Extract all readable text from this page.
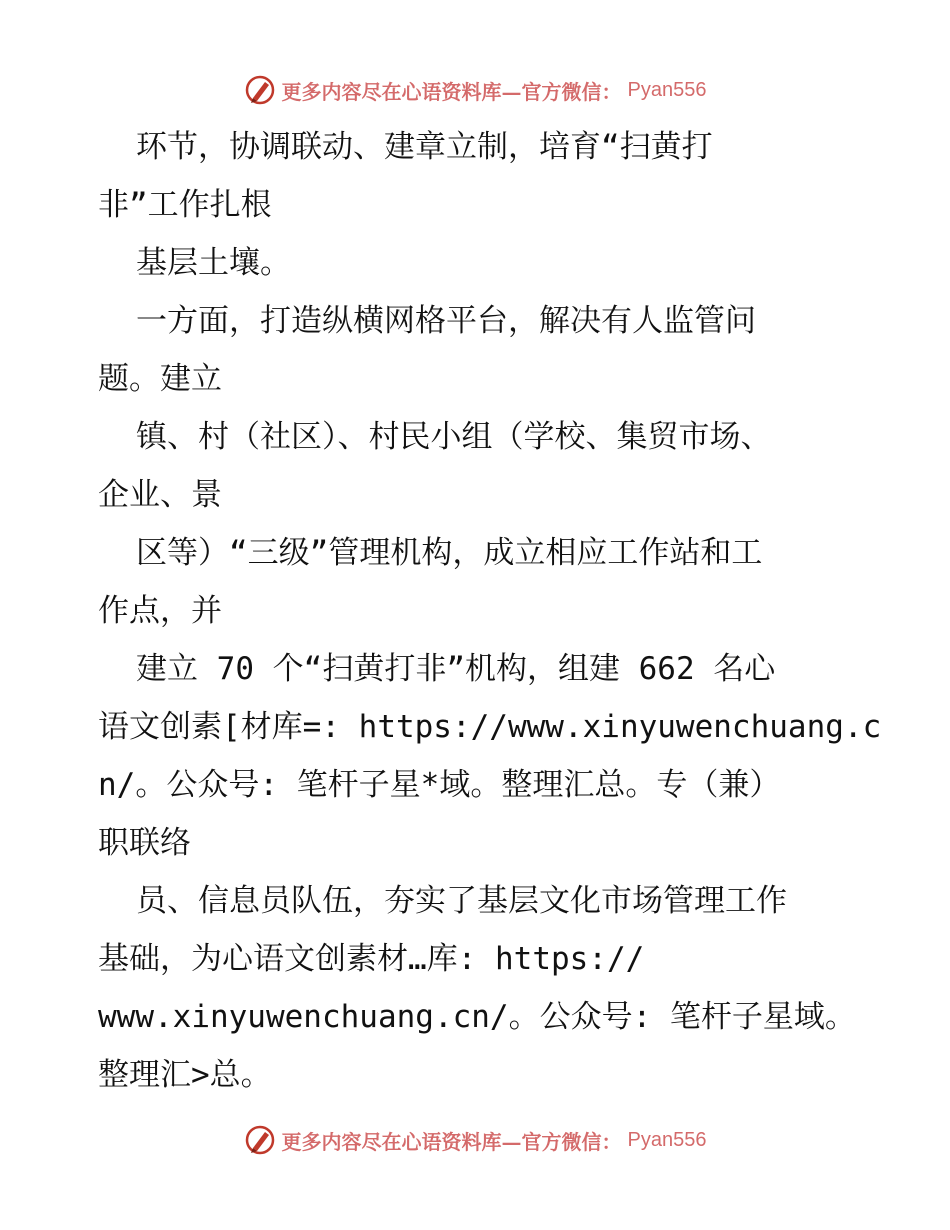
更多内容尽在心语资料库—官方微信： Pyan556
环节，协调联动、建章立制，培育“扫黄打
非”工作扎根
基层土壤。
一方面，打造纵横网格平台，解决有人监管问
题。建立
镇、村（社区）、村民小组（学校、集贸市场、
企业、景
区等）“三级”管理机构，成立相应工作站和工
作点，并
建立 70 个“扫黄打非”机构，组建 662 名心
语文创素[材库=: https://www.xinyuwenchuang.c
n/。公众号: 笔杆子星*域。整理汇总。专（兼）
职联络
员、信息员队伍，夯实了基层文化市场管理工作
基础，为心语文创素材…库: https://
www.xinyuwenchuang.cn/。公众号: 笔杆子星域。
整理汇>总。
更多内容尽在心语资料库—官方微信： Pyan556
